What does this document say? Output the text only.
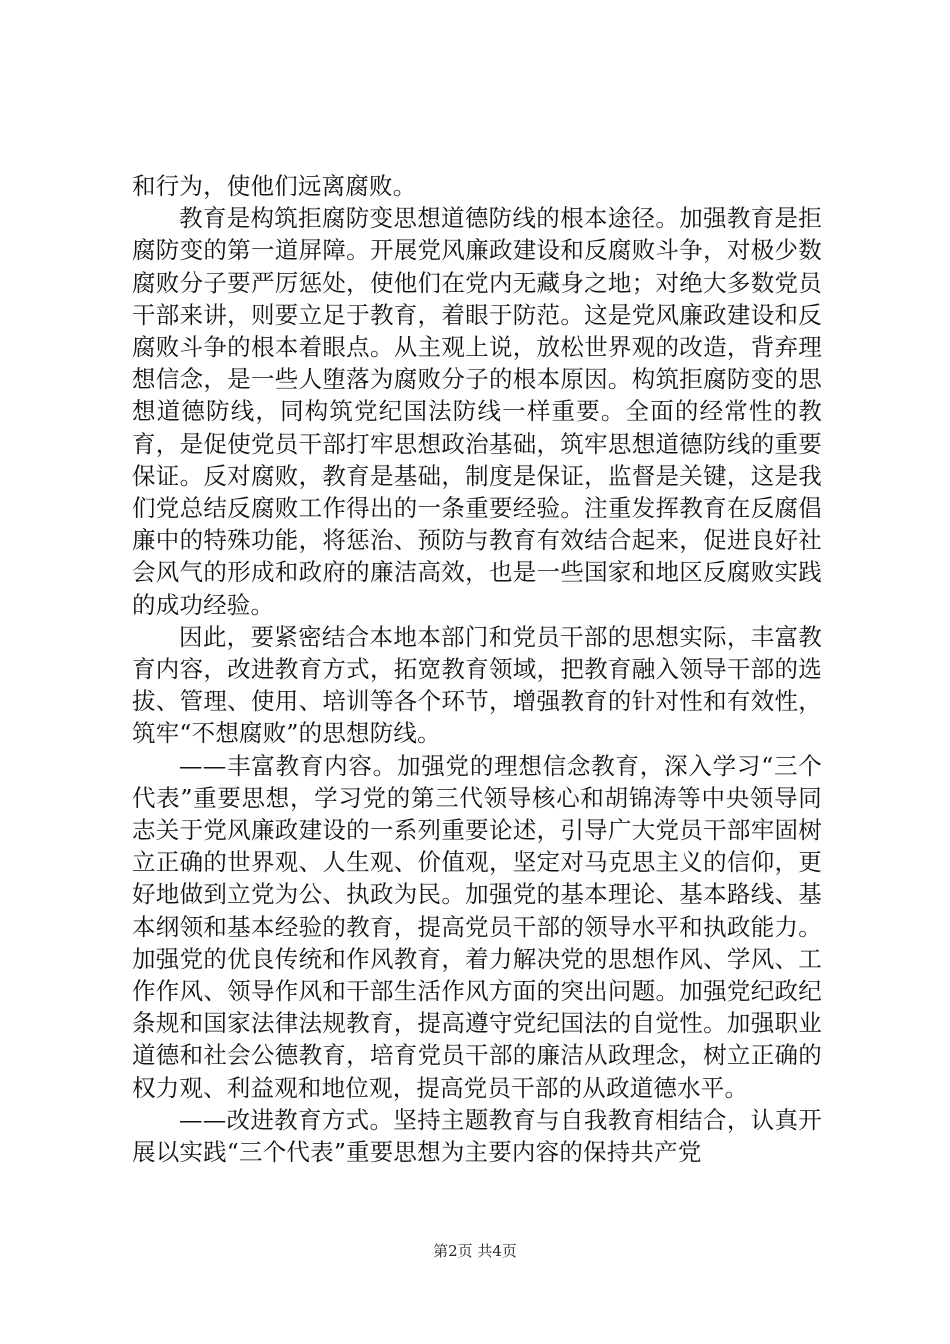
和行为，使他们远离腐败。

教育是构筑拒腐防变思想道德防线的根本途径。加强教育是拒腐防变的第一道屏障。开展党风廉政建设和反腐败斗争，对极少数腐败分子要严厉惩处，使他们在党内无藏身之地；对绝大多数党员干部来讲，则要立足于教育，着眼于防范。这是党风廉政建设和反腐败斗争的根本着眼点。从主观上说，放松世界观的改造，背弃理想信念，是一些人堕落为腐败分子的根本原因。构筑拒腐防变的思想道德防线，同构筑党纪国法防线一样重要。全面的经常性的教育，是促使党员干部打牢思想政治基础，筑牢思想道德防线的重要保证。反对腐败，教育是基础，制度是保证，监督是关键，这是我们党总结反腐败工作得出的一条重要经验。注重发挥教育在反腐倡廉中的特殊功能，将惩治、预防与教育有效结合起来，促进良好社会风气的形成和政府的廉洁高效，也是一些国家和地区反腐败实践的成功经验。

因此，要紧密结合本地本部门和党员干部的思想实际，丰富教育内容，改进教育方式，拓宽教育领域，把教育融入领导干部的选拔、管理、使用、培训等各个环节，增强教育的针对性和有效性，筑牢“不想腐败”的思想防线。

——丰富教育内容。加强党的理想信念教育，深入学习“三个代表”重要思想，学习党的第三代领导核心和胡锦涛等中央领导同志关于党风廉政建设的一系列重要论述，引导广大党员干部牢固树立正确的世界观、人生观、价值观，坚定对马克思主义的信仰，更好地做到立党为公、执政为民。加强党的基本理论、基本路线、基本纲领和基本经验的教育，提高党员干部的领导水平和执政能力。加强党的优良传统和作风教育，着力解决党的思想作风、学风、工作作风、领导作风和干部生活作风方面的突出问题。加强党纪政纪条规和国家法律法规教育，提高遵守党纪国法的自觉性。加强职业道德和社会公德教育，培育党员干部的廉洁从政理念，树立正确的权力观、利益观和地位观，提高党员干部的从政道德水平。

——改进教育方式。坚持主题教育与自我教育相结合，认真开展以实践“三个代表”重要思想为主要内容的保持共产党

第2页 共4页
